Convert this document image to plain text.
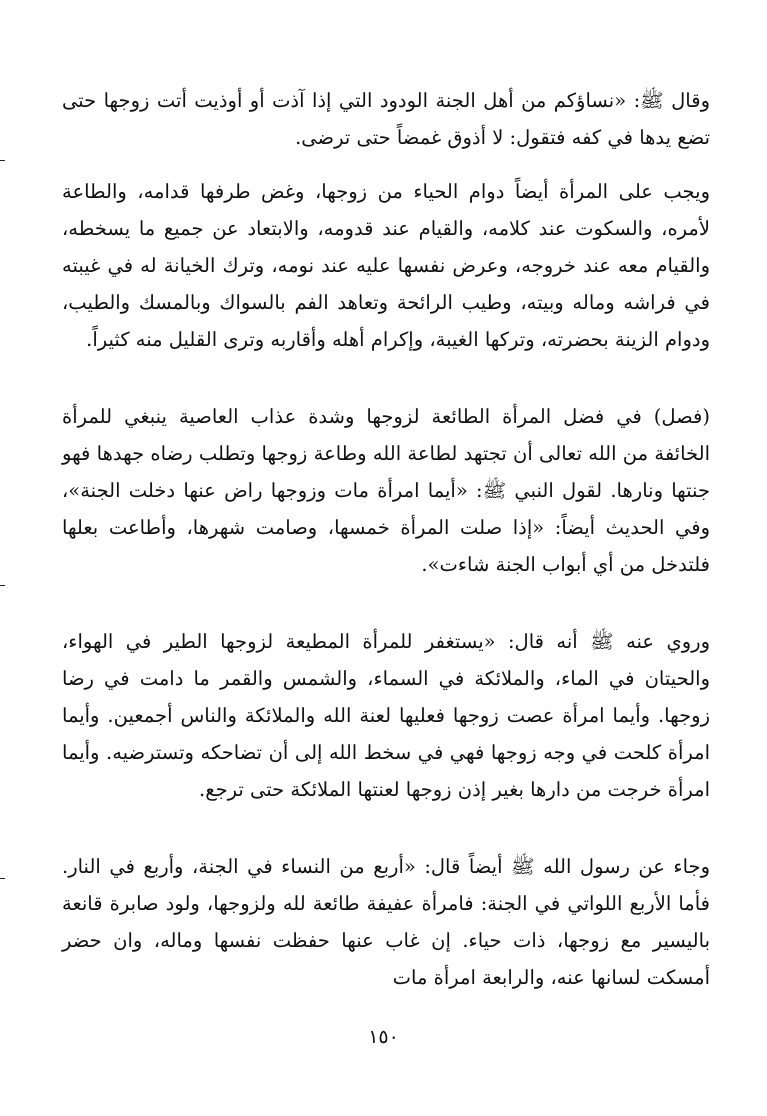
وقال ﷺ: «نساؤكم من أهل الجنة الودود التي إذا آذت أو أوذيت أتت زوجها حتى تضع يدها في كفه فتقول: لا أذوق غمضاً حتى ترضى.

ويجب على المرأة أيضاً دوام الحياء من زوجها، وغض طرفها قدامه، والطاعة لأمره، والسكوت عند كلامه، والقيام عند قدومه، والابتعاد عن جميع ما يسخطه، والقيام معه عند خروجه، وعرض نفسها عليه عند نومه، وترك الخيانة له في غيبته في فراشه وماله وبيته، وطيب الرائحة وتعاهد الفم بالسواك وبالمسك والطيب، ودوام الزينة بحضرته، وتركها الغيبة، وإكرام أهله وأقاربه وترى القليل منه كثيراً.

(فصل) في فضل المرأة الطائعة لزوجها وشدة عذاب العاصية ينبغي للمرأة الخائفة من الله تعالى أن تجتهد لطاعة الله وطاعة زوجها وتطلب رضاه جهدها فهو جنتها ونارها. لقول النبي ﷺ: «أيما امرأة مات وزوجها راض عنها دخلت الجنة»، وفي الحديث أيضاً: «إذا صلت المرأة خمسها، وصامت شهرها، وأطاعت بعلها فلتدخل من أي أبواب الجنة شاءت».

وروي عنه ﷺ أنه قال: «يستغفر للمرأة المطيعة لزوجها الطير في الهواء، والحيتان في الماء، والملائكة في السماء، والشمس والقمر ما دامت في رضا زوجها. وأيما امرأة عصت زوجها فعليها لعنة الله والملائكة والناس أجمعين. وأيما امرأة كلحت في وجه زوجها فهي في سخط الله إلى أن تضاحكه وتسترضيه. وأيما امرأة خرجت من دارها بغير إذن زوجها لعنتها الملائكة حتى ترجع.

وجاء عن رسول الله ﷺ أيضاً قال: «أربع من النساء في الجنة، وأربع في النار. فأما الأربع اللواتي في الجنة: فامرأة عفيفة طائعة لله ولزوجها، ولود صابرة قانعة باليسير مع زوجها، ذات حياء. إن غاب عنها حفظت نفسها وماله، وان حضر أمسكت لسانها عنه، والرابعة امرأة مات

١٥٠
